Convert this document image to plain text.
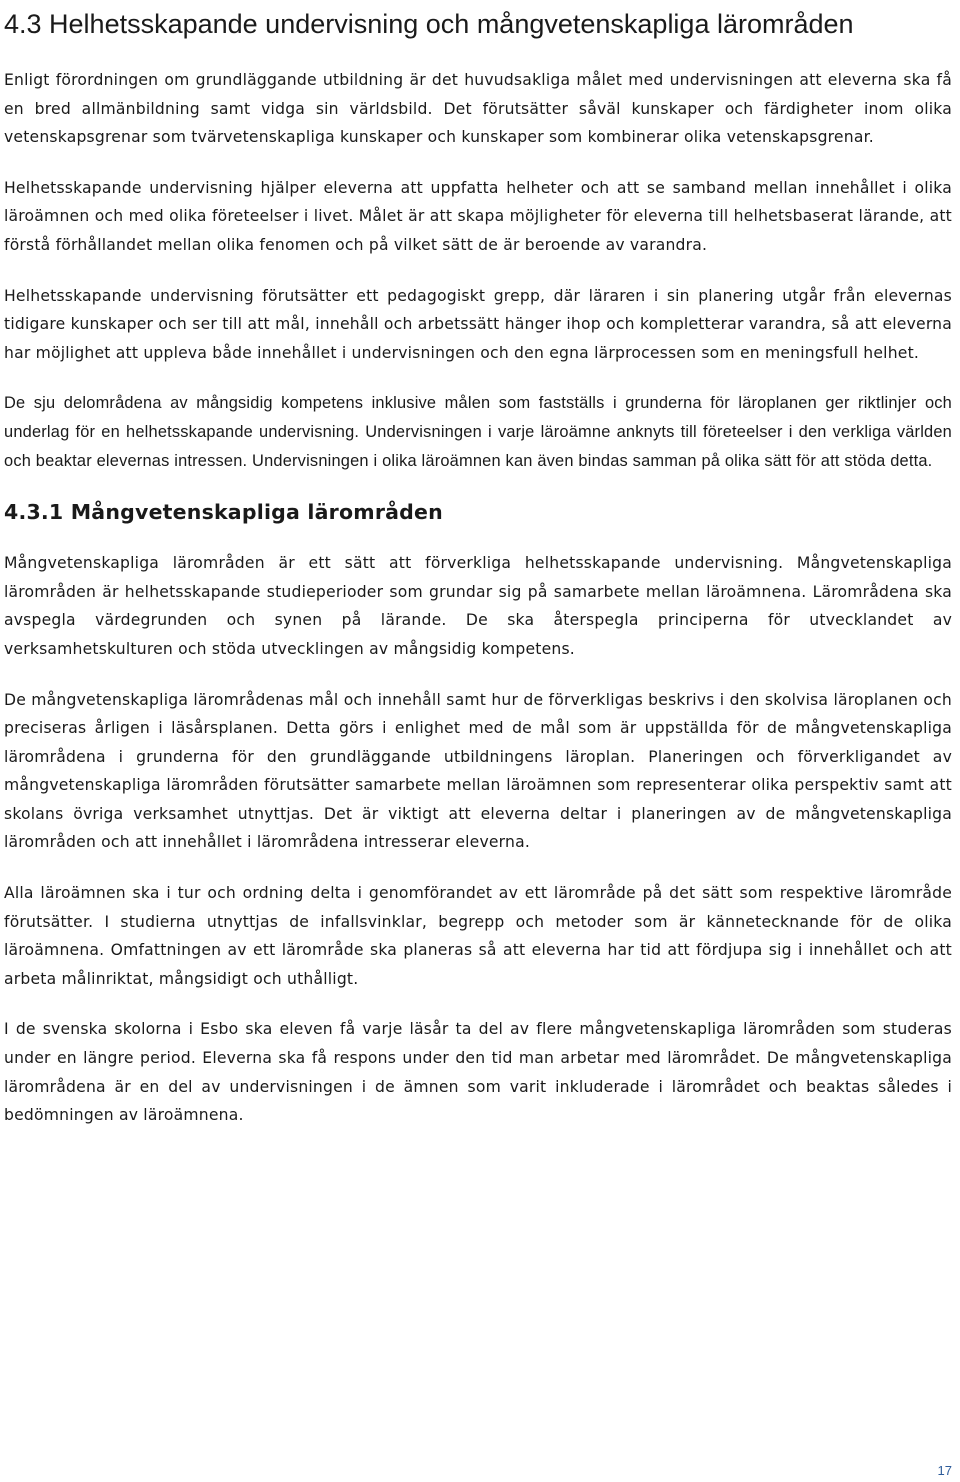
4.3 Helhetsskapande undervisning och mångvetenskapliga lärområden

Enligt förordningen om grundläggande utbildning är det huvudsakliga målet med undervisningen att eleverna ska få en bred allmänbildning samt vidga sin världsbild. Det förutsätter såväl kunskaper och färdigheter inom olika vetenskapsgrenar som tvärvetenskapliga kunskaper och kunskaper som kombinerar olika vetenskapsgrenar.

Helhetsskapande undervisning hjälper eleverna att uppfatta helheter och att se samband mellan innehållet i olika läroämnen och med olika företeelser i livet. Målet är att skapa möjligheter för eleverna till helhetsbaserat lärande, att förstå förhållandet mellan olika fenomen och på vilket sätt de är beroende av varandra.

Helhetsskapande undervisning förutsätter ett pedagogiskt grepp, där läraren i sin planering utgår från elevernas tidigare kunskaper och ser till att mål, innehåll och arbetssätt hänger ihop och kompletterar varandra, så att eleverna har möjlighet att uppleva både innehållet i undervisningen och den egna lärprocessen som en meningsfull helhet.

De sju delområdena av mångsidig kompetens inklusive målen som fastställs i grunderna för läroplanen ger riktlinjer och underlag för en helhetsskapande undervisning. Undervisningen i varje läroämne anknyts till företeelser i den verkliga världen och beaktar elevernas intressen. Undervisningen i olika läroämnen kan även bindas samman på olika sätt för att stöda detta.

4.3.1 Mångvetenskapliga lärområden

Mångvetenskapliga lärområden är ett sätt att förverkliga helhetsskapande undervisning. Mångvetenskapliga lärområden är helhetsskapande studieperioder som grundar sig på samarbete mellan läroämnena. Lärområdena ska avspegla värdegrunden och synen på lärande. De ska återspegla principerna för utvecklandet av verksamhetskulturen och stöda utvecklingen av mångsidig kompetens.

De mångvetenskapliga lärområdenas mål och innehåll samt hur de förverkligas beskrivs i den skolvisa läroplanen och preciseras årligen i läsårsplanen. Detta görs i enlighet med de mål som är uppställda för de mångvetenskapliga lärområdena i grunderna för den grundläggande utbildningens läroplan. Planeringen och förverkligandet av mångvetenskapliga lärområden förutsätter samarbete mellan läroämnen som representerar olika perspektiv samt att skolans övriga verksamhet utnyttjas. Det är viktigt att eleverna deltar i planeringen av de mångvetenskapliga lärområden och att innehållet i lärområdena intresserar eleverna.

Alla läroämnen ska i tur och ordning delta i genomförandet av ett lärområde på det sätt som respektive lärområde förutsätter. I studierna utnyttjas de infallsvinklar, begrepp och metoder som är kännetecknande för de olika läroämnena. Omfattningen av ett lärområde ska planeras så att eleverna har tid att fördjupa sig i innehållet och att arbeta målinriktat, mångsidigt och uthålligt.

I de svenska skolorna i Esbo ska eleven få varje läsår ta del av flere mångvetenskapliga lärområden som studeras under en längre period. Eleverna ska få respons under den tid man arbetar med lärområdet. De mångvetenskapliga lärområdena är en del av undervisningen i de ämnen som varit inkluderade i lärområdet och beaktas således i bedömningen av läroämnena.

17
